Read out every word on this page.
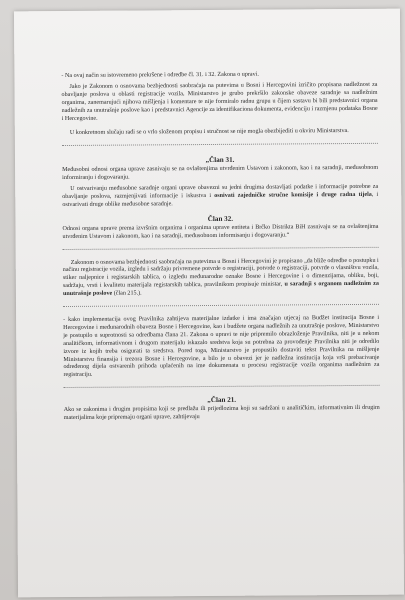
- Na ovaj način su istovremeno prekršene i odredbe čl. 31. i 32. Zakona o upravi.

Jako je Zakonom o osnovama bezbjednosti saobraćaja na putevima u Bosni i Hercegovini izričito propisana nadležnost za obavljanje poslova u oblasti registracije vozila, Ministarstvo je grubo prekršilo zakonske obaveze saradnje sa nadležnim organima, zanemarujući njihova mišljenja i komentare te nije formiralo radnu grupu u čijem sastavu bi bili predstavnici organa nadležnih za unutrašnje poslove kao i predstavnici Agencije za identifikaciona dokumenta, evidenciju i razmjenu podataka Bosne i Hercegovine.

U konkretnom slučaju radi se o vrlo složenom propisu i stručnost se nije mogla obezbijediti u okviru Ministarstva.

„Član 31.

Međusobni odnosi organa uprave zasnivaju se na ovlaštenjima utvrđenim Ustavom i zakonom, kao i na saradnji, međusobnom informiranju i dogovaranju.

U ostvarivanju međusobne saradnje organi uprave obavezni su jedni drugima dostavljati podatke i informacije potrebne za obavljanje poslova, razmjenjivati informacije i iskustva i osnivati zajedničke stručne komisije i druge radna tijela, i ostvarivati druge oblike međusobne saradnje.

Član 32.

Odnosi organa uprave prema izvršnim organima i organima uprave entiteta i Brčko Distrikta BiH zasnivaju se na ovlaštenjima utvrđenim Ustavom i zakonom, kao i na saradnji, međusobnom informisanju i dogovaranju.“

Zakonom o osnovama bezbjednosti saobraćaja na putevima u Bosni i Hercegovini je propisano „da bliže odredbe o postupku i načinu registracije vozila, izgledu i sadržaju privremene potvrde o registraciji, potvrde o registraciji, potvrde o vlasništvu vozila, stiker naljepnice i registarskih tablica, o izgledu međunarodne oznake Bosne i Hercegovine i o dimenzijama, obliku, boji, sadržaju, vrsti i kvalitetu materijala registarskih tablica, pravilnikom propisuje ministar, u saradnji s organom nadležnim za unutrašnje poslove (član 215.).

- kako implementacija ovog Pravilnika zahtijeva materijalne izdatke i ima značajan utjecaj na Budžet institucija Bosne i Hercegovine i međunarodnih obaveza Bosne i Hercegovine, kao i budžete organa nadležnih za unutrašnje poslove, Ministarstvo je postupilo u suprotnosti sa odredbama člana 21. Zakona o upravi te nije pripremilo obrazloženje Pravilnika, niti je u nekom analitičkom, informativnom i drugom materijalu iskazalo sredstva koja su potrebna za provođenje Pravilnika niti je odredilo izvore iz kojih treba osigurati ta sredstva. Pored toga, Ministarstvo je propustilo dostaviti tekst Pravilnika na mišljenje Ministarstvu finansija i trezora Bosne i Hercegovine, a bilo je u obavezi jer je nadležna institucija koja vrši prebacivanje određenog dijela ostvarenih prihoda uplaćenih na ime dokumenata u procesu registracije vozila organima nadležnim za registraciju.

„Član 21.

Ako se zakonima i drugim propisima koji se predlažu ili prijedlozima koji su sadržani u analitičkim, informativnim ili drugim materijalima koje pripremaju organi uprave, zahtijevaju
